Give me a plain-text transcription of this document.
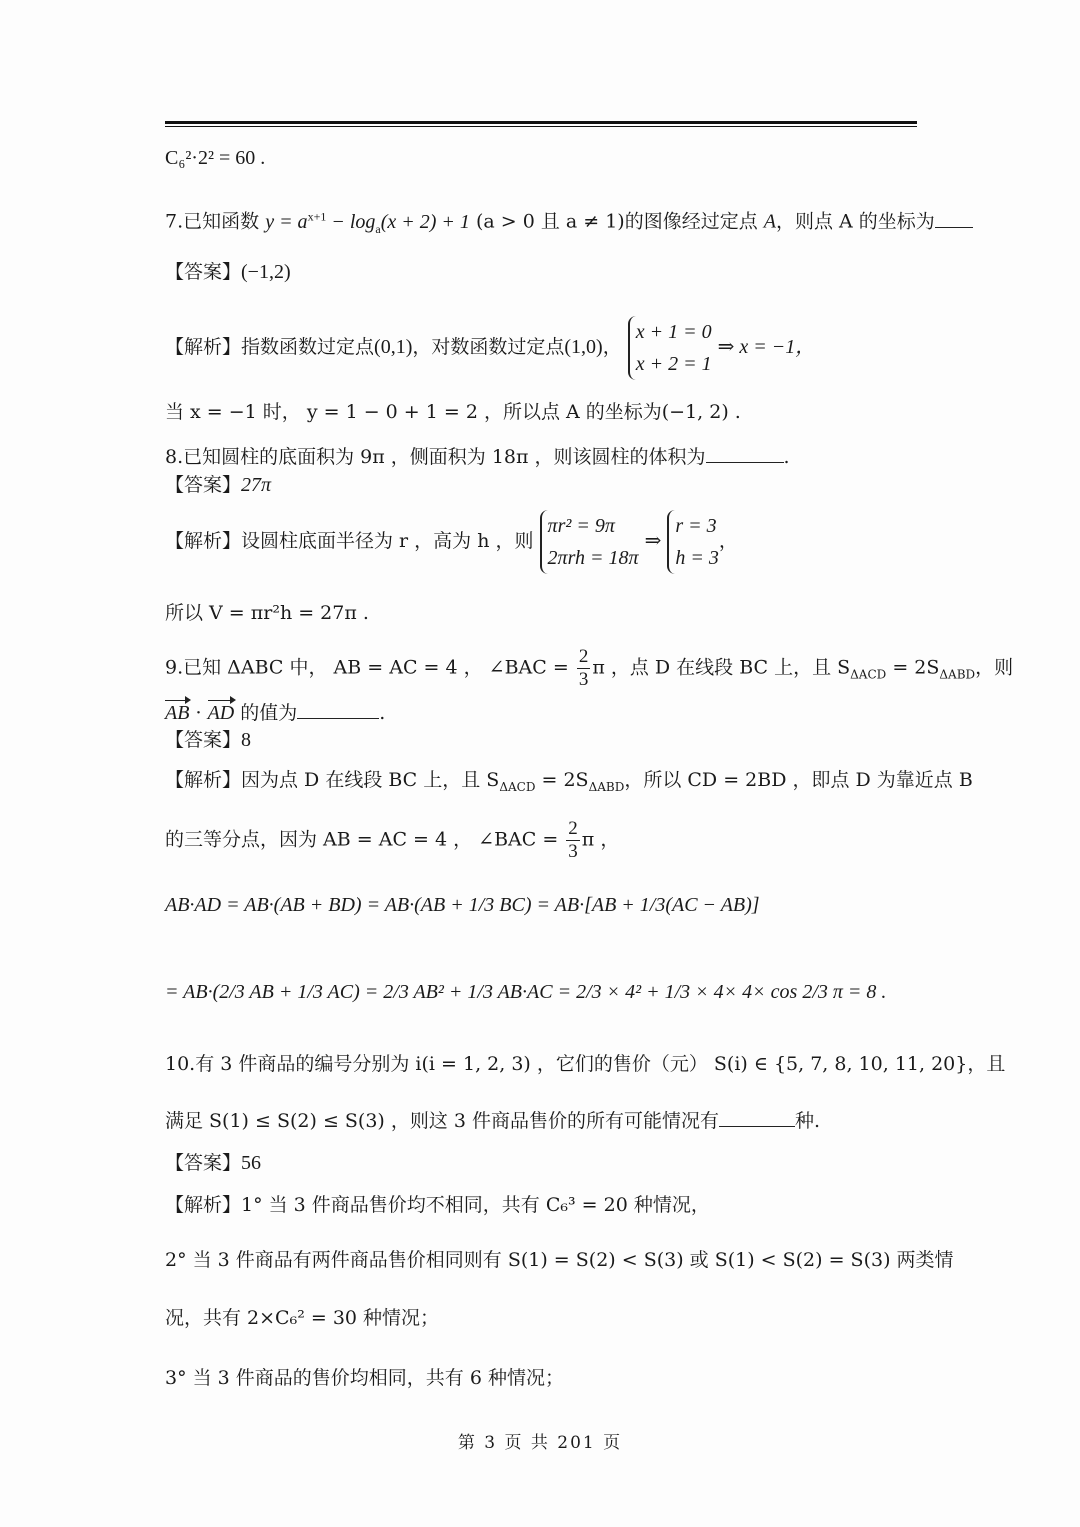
C₆²·2² = 60 .
7.已知函数 $y = a^{x+1} - \log_a(x + 2) + 1$ (a > 0 且 a ≠ 1)的图像经过定点 A，则点 A 的坐标为
【答案】(−1,2)
【解析】指数函数过定点(0,1)，对数函数过定点(1,0)，
x + 1 = 0
x + 2 = 1
⇒ x = −1，
当 x = −1 时， y = 1 − 0 + 1 = 2 ，所以点 A 的坐标为(−1, 2) .
8.已知圆柱的底面积为 9π ，侧面积为 18π ，则该圆柱的体积为	.
【答案】27π
【解析】设圆柱底面半径为 r ，高为 h ，则
πr² = 9π
2πrh = 18π
⇒
r = 3
h = 3
，
所以 V = πr²h = 27π .
9.已知 ΔABC 中， AB = AC = 4 ， ∠BAC = $\frac{2}{3}$ π ，点 D 在线段 BC 上，且 $S_{\Delta ACD} = 2S_{\Delta ABD}$，则
AB · AD 的值为	.
【答案】8
【解析】因为点 D 在线段 BC 上，且 $S_{\Delta ACD} = 2S_{\Delta ABD}$，所以 CD = 2BD ，即点 D 为靠近点 B
的三等分点，因为 AB = AC = 4 ， ∠BAC = $\frac{2}{3}$ π ，
AB·AD = AB·(AB + BD) = AB·(AB + 1/3 BC) = AB·[AB + 1/3(AC − AB)]
= AB·(2/3 AB + 1/3 AC) = 2/3 AB² + 1/3 AB·AC = 2/3 × 4² + 1/3 × 4× 4× cos 2/3 π = 8 .
10.有 3 件商品的编号分别为 i(i = 1, 2, 3) ，它们的售价（元） S(i) ∈ {5, 7, 8, 10, 11, 20}，且
满足 S(1) ≤ S(2) ≤ S(3) ，则这 3 件商品售价的所有可能情况有	种.
【答案】56
【解析】1° 当 3 件商品售价均不相同，共有 C₆³ = 20 种情况，
2° 当 3 件商品有两件商品售价相同则有 S(1) = S(2) < S(3) 或 S(1) < S(2) = S(3) 两类情
况，共有 2×C₆² = 30 种情况；
3° 当 3 件商品的售价均相同，共有 6 种情况；
第 3 页 共 201 页
